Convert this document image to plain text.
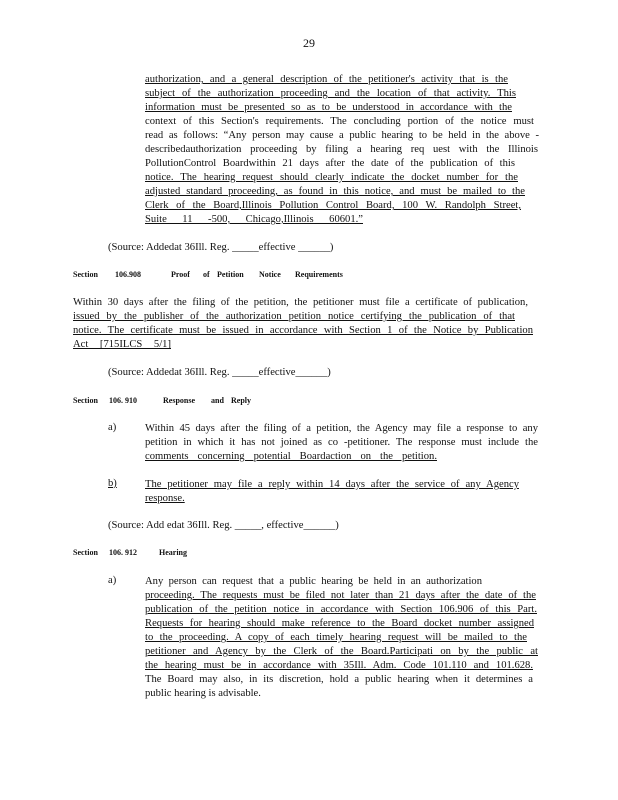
29
authorization, and a general description of the petitioner's activity that is the
subject of the authorization proceeding and the location of that activity. This
information must be presented so as to be understood in accordance with the
context of this Section's requirements. The concluding portion of the notice must
read as follows: “Any person may cause a public hearing to be held in the above -
describedauthorization proceeding by filing a hearing req uest with the Illinois
PollutionControl Boardwithin 21 days after the date of the publication of this
notice. The hearing request should clearly indicate the docket number for the
adjusted standard proceeding, as found in this notice, and must be mailed to the
Clerk of the Board,Illinois Pollution Control Board, 100 W. Randolph Street,
Suite 11 -500, Chicago,Illinois 60601.”
(Source: Addedat 36Ill. Reg. _____effective ______)
Section 106.908	Proof of Petition Notice Requirements
Within 30 days after the filing of the petition, the petitioner must file a certificate of publication,
issued by the publisher of the authorization petition notice certifying the publication of that
notice. The certificate must be issued in accordance with Section 1 of the Notice by Publication
Act [715ILCS 5/1]
(Source: Addedat 36Ill. Reg. _____effective______)
Section 106. 910	Response and Reply
a)	Within 45 days after the filing of a petition, the Agency may file a response to any
petition in which it has not joined as co -petitioner. The response must include the
comments concerning potential Boardaction on the petition.
b)	The petitioner may file a reply within 14 days after the service of any Agency
response.
(Source: Add edat 36Ill. Reg. _____, effective______)
Section 106. 912	Hearing
a)	Any person can request that a public hearing be held in an authorization
proceeding. The requests must be filed not later than 21 days after the date of the
publication of the petition notice in accordance with Section 106.906 of this Part.
Requests for hearing should make reference to the Board docket number assigned
to the proceeding. A copy of each timely hearing request will be mailed to the
petitioner and Agency by the Clerk of the Board.Participati on by the public at
the hearing must be in accordance with 35Ill. Adm. Code 101.110 and 101.628.
The Board may also, in its discretion, hold a public hearing when it determines a
public hearing is advisable.
